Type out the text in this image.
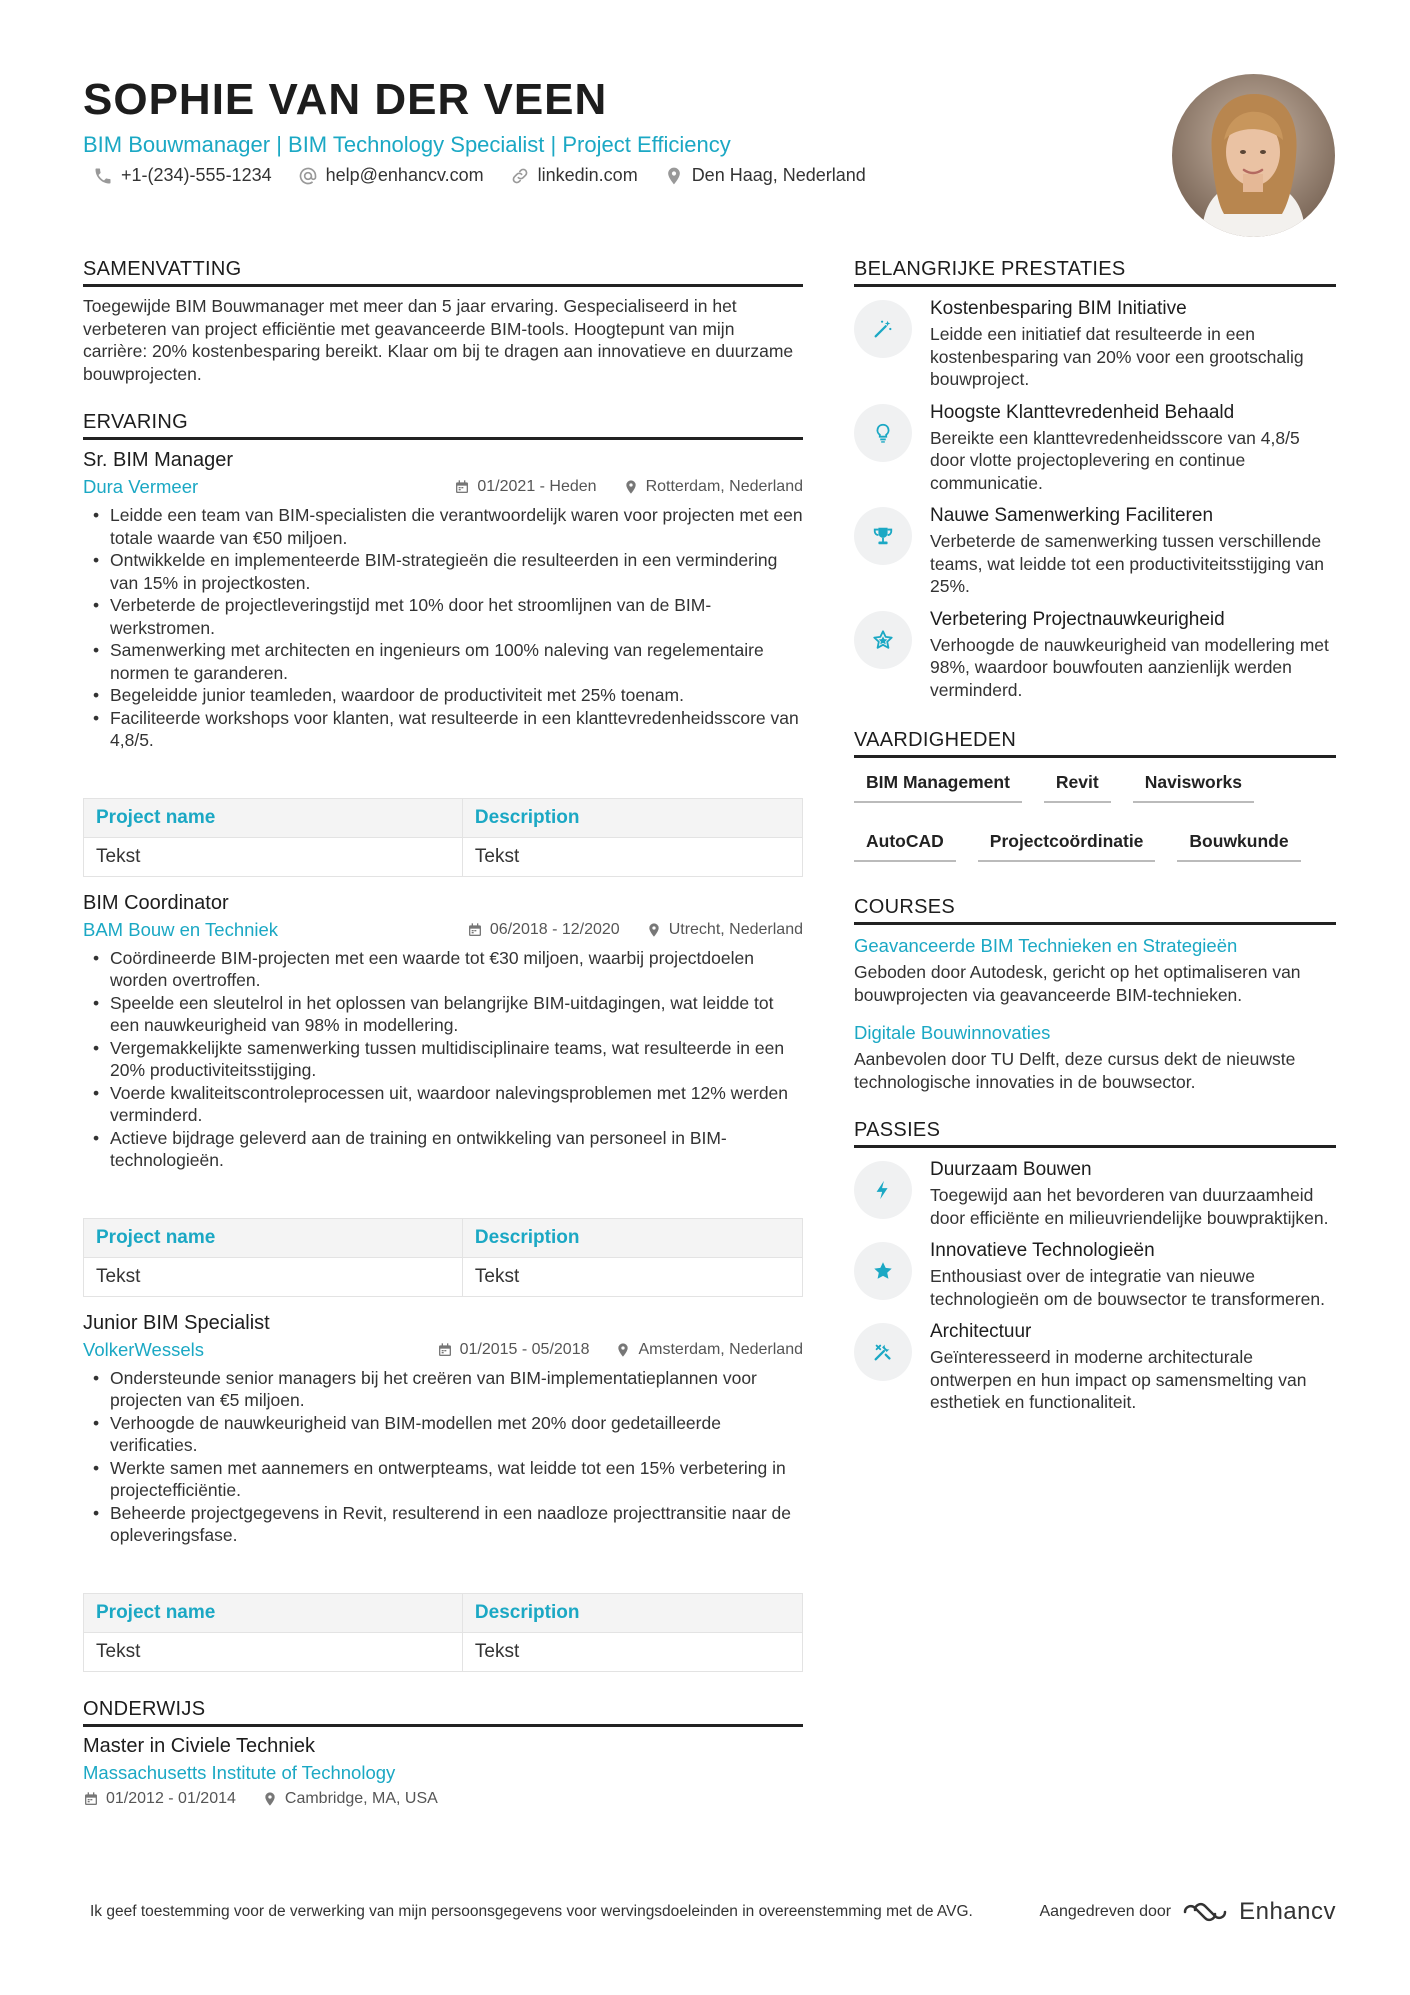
SOPHIE VAN DER VEEN
BIM Bouwmanager | BIM Technology Specialist | Project Efficiency
+1-(234)-555-1234	help@enhancv.com	linkedin.com	Den Haag, Nederland
SAMENVATTING

Toegewijde BIM Bouwmanager met meer dan 5 jaar ervaring. Gespecialiseerd in het verbeteren van project efficiëntie met geavanceerde BIM-tools. Hoogtepunt van mijn carrière: 20% kostenbesparing bereikt. Klaar om bij te dragen aan innovatieve en duurzame bouwprojecten.

ERVARING
Sr. BIM Manager
Dura Vermeer	01/2021 - Heden	Rotterdam, Nederland
• Leidde een team van BIM-specialisten die verantwoordelijk waren voor projecten met een totale waarde van €50 miljoen.
• Ontwikkelde en implementeerde BIM-strategieën die resulteerden in een vermindering van 15% in projectkosten.
• Verbeterde de projectleveringstijd met 10% door het stroomlijnen van de BIM-werkstromen.
• Samenwerking met architecten en ingenieurs om 100% naleving van regelementaire normen te garanderen.
• Begeleidde junior teamleden, waardoor de productiviteit met 25% toenam.
• Faciliteerde workshops voor klanten, wat resulteerde in een klanttevredenheidsscore van 4,8/5.
Project name	Description
Tekst	Tekst
BIM Coordinator
BAM Bouw en Techniek	06/2018 - 12/2020	Utrecht, Nederland
• Coördineerde BIM-projecten met een waarde tot €30 miljoen, waarbij projectdoelen worden overtroffen.
• Speelde een sleutelrol in het oplossen van belangrijke BIM-uitdagingen, wat leidde tot een nauwkeurigheid van 98% in modellering.
• Vergemakkelijkte samenwerking tussen multidisciplinaire teams, wat resulteerde in een 20% productiviteitsstijging.
• Voerde kwaliteitscontroleprocessen uit, waardoor nalevingsproblemen met 12% werden verminderd.
• Actieve bijdrage geleverd aan de training en ontwikkeling van personeel in BIM-technologieën.
Project name	Description
Tekst	Tekst
Junior BIM Specialist
VolkerWessels	01/2015 - 05/2018	Amsterdam, Nederland
• Ondersteunde senior managers bij het creëren van BIM-implementatieplannen voor projecten van €5 miljoen.
• Verhoogde de nauwkeurigheid van BIM-modellen met 20% door gedetailleerde verificaties.
• Werkte samen met aannemers en ontwerpteams, wat leidde tot een 15% verbetering in projectefficiëntie.
• Beheerde projectgegevens in Revit, resulterend in een naadloze projecttransitie naar de opleveringsfase.
Project name	Description
Tekst	Tekst
ONDERWIJS
Master in Civiele Techniek
Massachusetts Institute of Technology
01/2012 - 01/2014	Cambridge, MA, USA
BELANGRIJKE PRESTATIES
Kostenbesparing BIM Initiative
Leidde een initiatief dat resulteerde in een kostenbesparing van 20% voor een grootschalig bouwproject.
Hoogste Klanttevredenheid Behaald
Bereikte een klanttevredenheidsscore van 4,8/5 door vlotte projectoplevering en continue communicatie.
Nauwe Samenwerking Faciliteren
Verbeterde de samenwerking tussen verschillende teams, wat leidde tot een productiviteitsstijging van 25%.
Verbetering Projectnauwkeurigheid
Verhoogde de nauwkeurigheid van modellering met 98%, waardoor bouwfouten aanzienlijk werden verminderd.
VAARDIGHEDEN
BIM Management	Revit	Navisworks
AutoCAD	Projectcoördinatie	Bouwkunde
COURSES
Geavanceerde BIM Technieken en Strategieën
Geboden door Autodesk, gericht op het optimaliseren van bouwprojecten via geavanceerde BIM-technieken.
Digitale Bouwinnovaties
Aanbevolen door TU Delft, deze cursus dekt de nieuwste technologische innovaties in de bouwsector.
PASSIES
Duurzaam Bouwen
Toegewijd aan het bevorderen van duurzaamheid door efficiënte en milieuvriendelijke bouwpraktijken.
Innovatieve Technologieën
Enthousiast over de integratie van nieuwe technologieën om de bouwsector te transformeren.
Architectuur
Geïnteresseerd in moderne architecturale ontwerpen en hun impact op samensmelting van esthetiek en functionaliteit.
Ik geef toestemming voor de verwerking van mijn persoonsgegevens voor wervingsdoeleinden in overeenstemming met de AVG.	Aangedreven door	Enhancv
